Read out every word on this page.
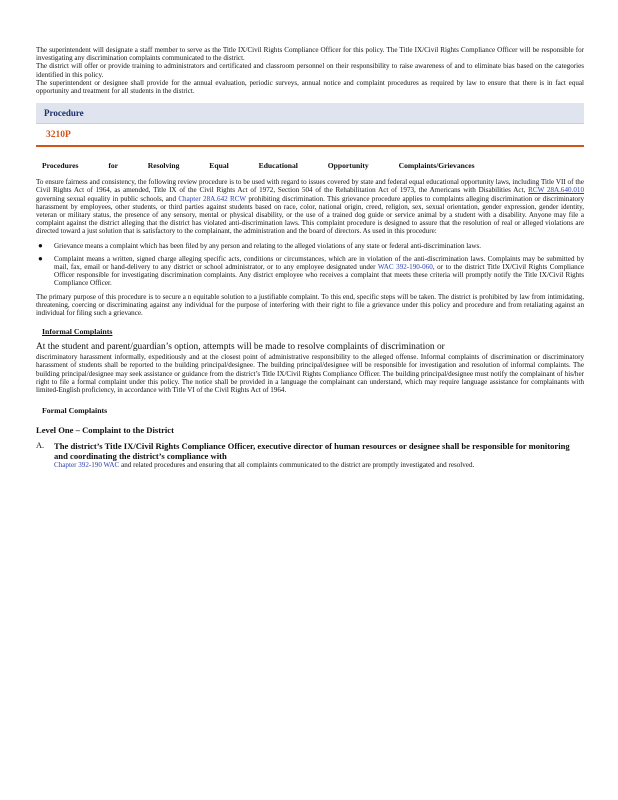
The superintendent will designate a staff member to serve as the Title IX/Civil Rights Compliance Officer for this policy. The Title IX/Civil Rights Compliance Officer will be responsible for investigating any discrimination complaints communicated to the district.

The district will offer or provide training to administrators and certificated and classroom personnel on their responsibility to raise awareness of and to eliminate bias based on the categories identified in this policy.

The superintendent or designee shall provide for the annual evaluation, periodic surveys, annual notice and complaint procedures as required by law to ensure that there is in fact equal opportunity and treatment for all students in the district.

Procedure
3210P
Procedures for Resolving Equal Educational Opportunity Complaints/Grievances
To ensure fairness and consistency, the following review procedure is to be used with regard to issues covered by state and federal equal educational opportunity laws, including Title VII of the Civil Rights Act of 1964, as amended, Title IX of the Civil Rights Act of 1972, Section 504 of the Rehabilitation Act of 1973, the Americans with Disabilities Act, RCW 28A.640.010 governing sexual equality in public schools, and Chapter 28A.642 RCW prohibiting discrimination. This grievance procedure applies to complaints alleging discrimination or discriminatory harassment by employees, other students, or third parties against students based on race, color, national origin, creed, religion, sex, sexual orientation, gender expression, gender identity, veteran or military status, the presence of any sensory, mental or physical disability, or the use of a trained dog guide or service animal by a student with a disability. Anyone may file a complaint against the district alleging that the district has violated anti-discrimination laws. This complaint procedure is designed to assure that the resolution of real or alleged violations are directed toward a just solution that is satisfactory to the complainant, the administration and the board of directors. As used in this procedure:
● Grievance means a complaint which has been filed by any person and relating to the alleged violations of any state or federal anti-discrimination laws.
● Complaint means a written, signed charge alleging specific acts, conditions or circumstances, which are in violation of the anti-discrimination laws. Complaints may be submitted by mail, fax, email or hand-delivery to any district or school administrator, or to any employee designated under WAC 392-190-060, or to the district Title IX/Civil Rights Compliance Officer responsible for investigating discrimination complaints. Any district employee who receives a complaint that meets these criteria will promptly notify the Title IX/Civil Rights Compliance Officer.

The primary purpose of this procedure is to secure a n equitable solution to a justifiable complaint. To this end, specific steps will be taken. The district is prohibited by law from intimidating, threatening, coercing or discriminating against any individual for the purpose of interfering with their right to file a grievance under this policy and procedure and from retaliating against an individual for filing such a grievance.

Informal Complaints

At the student and parent/guardian’s option, attempts will be made to resolve complaints of discrimination or

discriminatory harassment informally, expeditiously and at the closest point of administrative responsibility to the alleged offense. Informal complaints of discrimination or discriminatory harassment of students shall be reported to the building principal/designee. The building principal/designee will be responsible for investigation and resolution of informal complaints. The building principal/designee may seek assistance or guidance from the district’s Title IX/Civil Rights Compliance Officer. The building principal/designee must notify the complainant of his/her right to file a formal complaint under this policy. The notice shall be provided in a language the complainant can understand, which may require language assistance for complainants with limited-English proficiency, in accordance with Title VI of the Civil Rights Act of 1964.

Formal Complaints
Level One – Complaint to the District
A.	The district’s Title IX/Civil Rights Compliance Officer, executive director of human resources or designee shall be responsible for monitoring and coordinating the district’s compliance with
Chapter 392-190 WAC and related procedures and ensuring that all complaints communicated to the district are promptly investigated and resolved.
